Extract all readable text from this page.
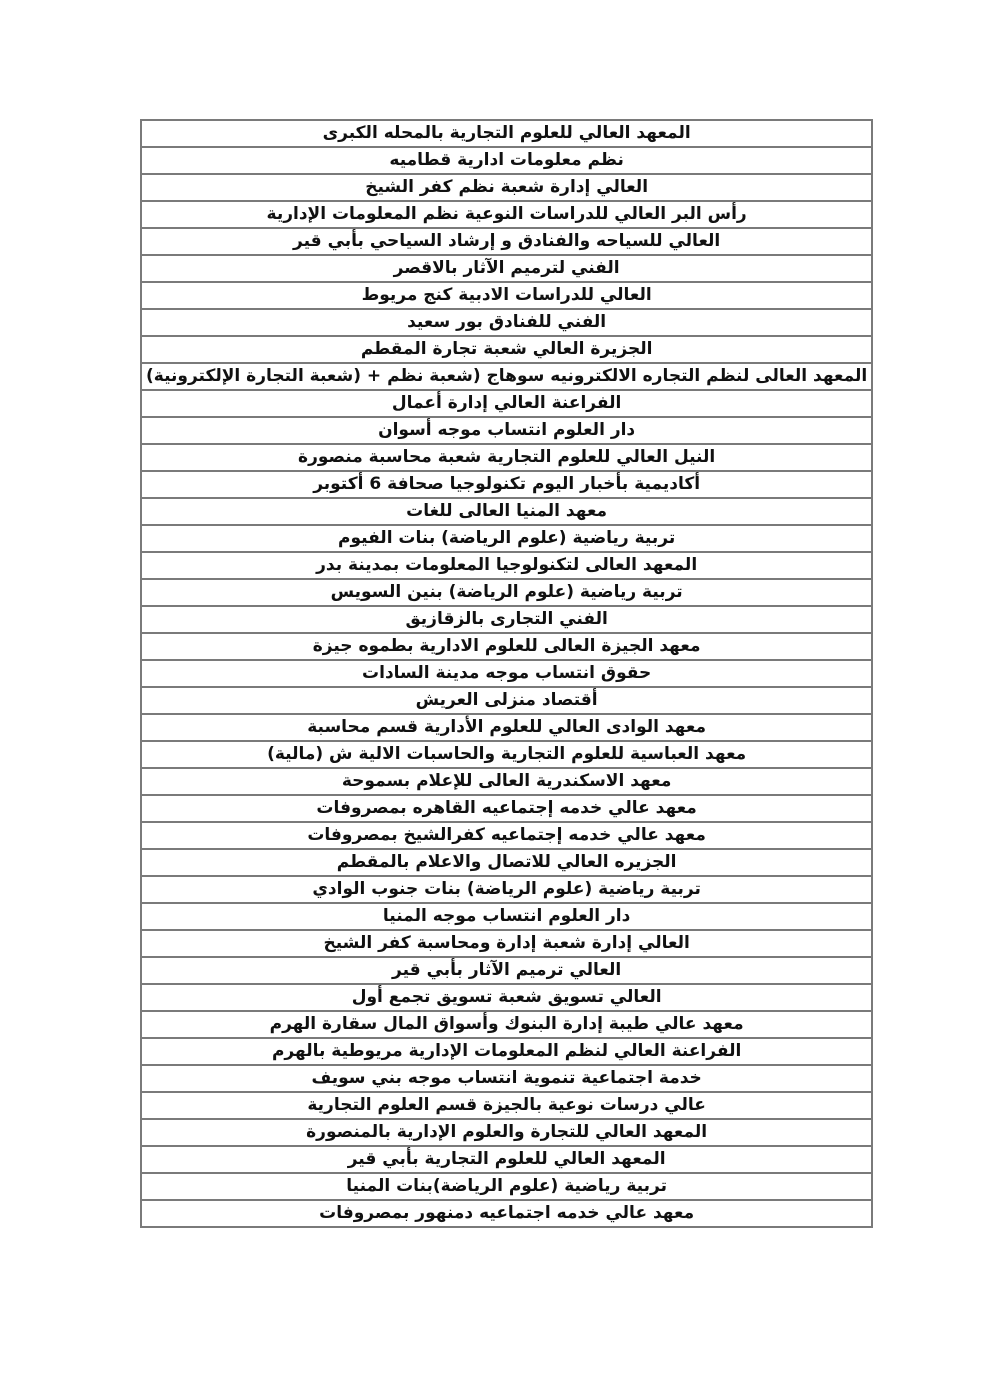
المعهد العالي للعلوم التجارية بالمحله الكبرى
نظم معلومات ادارية قطاميه
العالي إدارة شعبة نظم كفر الشيخ
رأس البر العالي للدراسات النوعية نظم المعلومات الإدارية
العالي للسياحه والفنادق و إرشاد السياحي بأبي قير
الفني لترميم الآثار بالاقصر
العالي للدراسات الادبية كنج مريوط
الفني للفنادق بور سعيد
الجزيرة العالي شعبة تجارة المقطم
المعهد العالى لنظم التجاره الالكترونيه سوهاج (شعبة نظم + (شعبة التجارة الإلكترونية)
الفراعنة العالي إدارة أعمال
دار العلوم انتساب موجه أسوان
النيل العالي للعلوم التجارية شعبة محاسبة منصورة
أكاديمية بأخبار اليوم تكنولوجيا صحافة 6 أكتوبر
معهد المنيا العالى للغات
تربية رياضية (علوم الرياضة) بنات الفيوم
المعهد العالى لتكنولوجيا المعلومات بمدينة بدر
تربية رياضية (علوم الرياضة) بنين السويس
الفني التجارى بالزقازيق
معهد الجيزة العالى للعلوم الادارية بطموه جيزة
حقوق انتساب موجه مدينة السادات
أقتصاد منزلى العريش
معهد الوادى العالي للعلوم الأدارية قسم محاسبة
معهد العباسية للعلوم التجارية والحاسبات الالية ش (مالية)
معهد الاسكندرية العالى للإعلام بسموحة
معهد عالي خدمه إجتماعيه القاهره بمصروفات
معهد عالي خدمه إجتماعيه كفرالشيخ بمصروفات
الجزيره العالي للاتصال والاعلام بالمقطم
تربية رياضية (علوم الرياضة) بنات جنوب الوادي
دار العلوم انتساب موجه المنيا
العالي إدارة شعبة إدارة ومحاسبة كفر الشيخ
العالي ترميم الآثار بأبي قير
العالي تسويق شعبة تسويق تجمع أول
معهد عالي طيبة إدارة البنوك وأسواق المال سقارة الهرم
الفراعنة العالي لنظم المعلومات الإدارية مريوطية بالهرم
خدمة اجتماعية تنموية انتساب موجه بني سويف
عالي درسات نوعية بالجيزة قسم العلوم التجارية
المعهد العالي للتجارة والعلوم الإدارية بالمنصورة
المعهد العالي للعلوم التجارية بأبي قير
تربية رياضية (علوم الرياضة)بنات المنيا
معهد عالي خدمه اجتماعيه دمنهور بمصروفات
